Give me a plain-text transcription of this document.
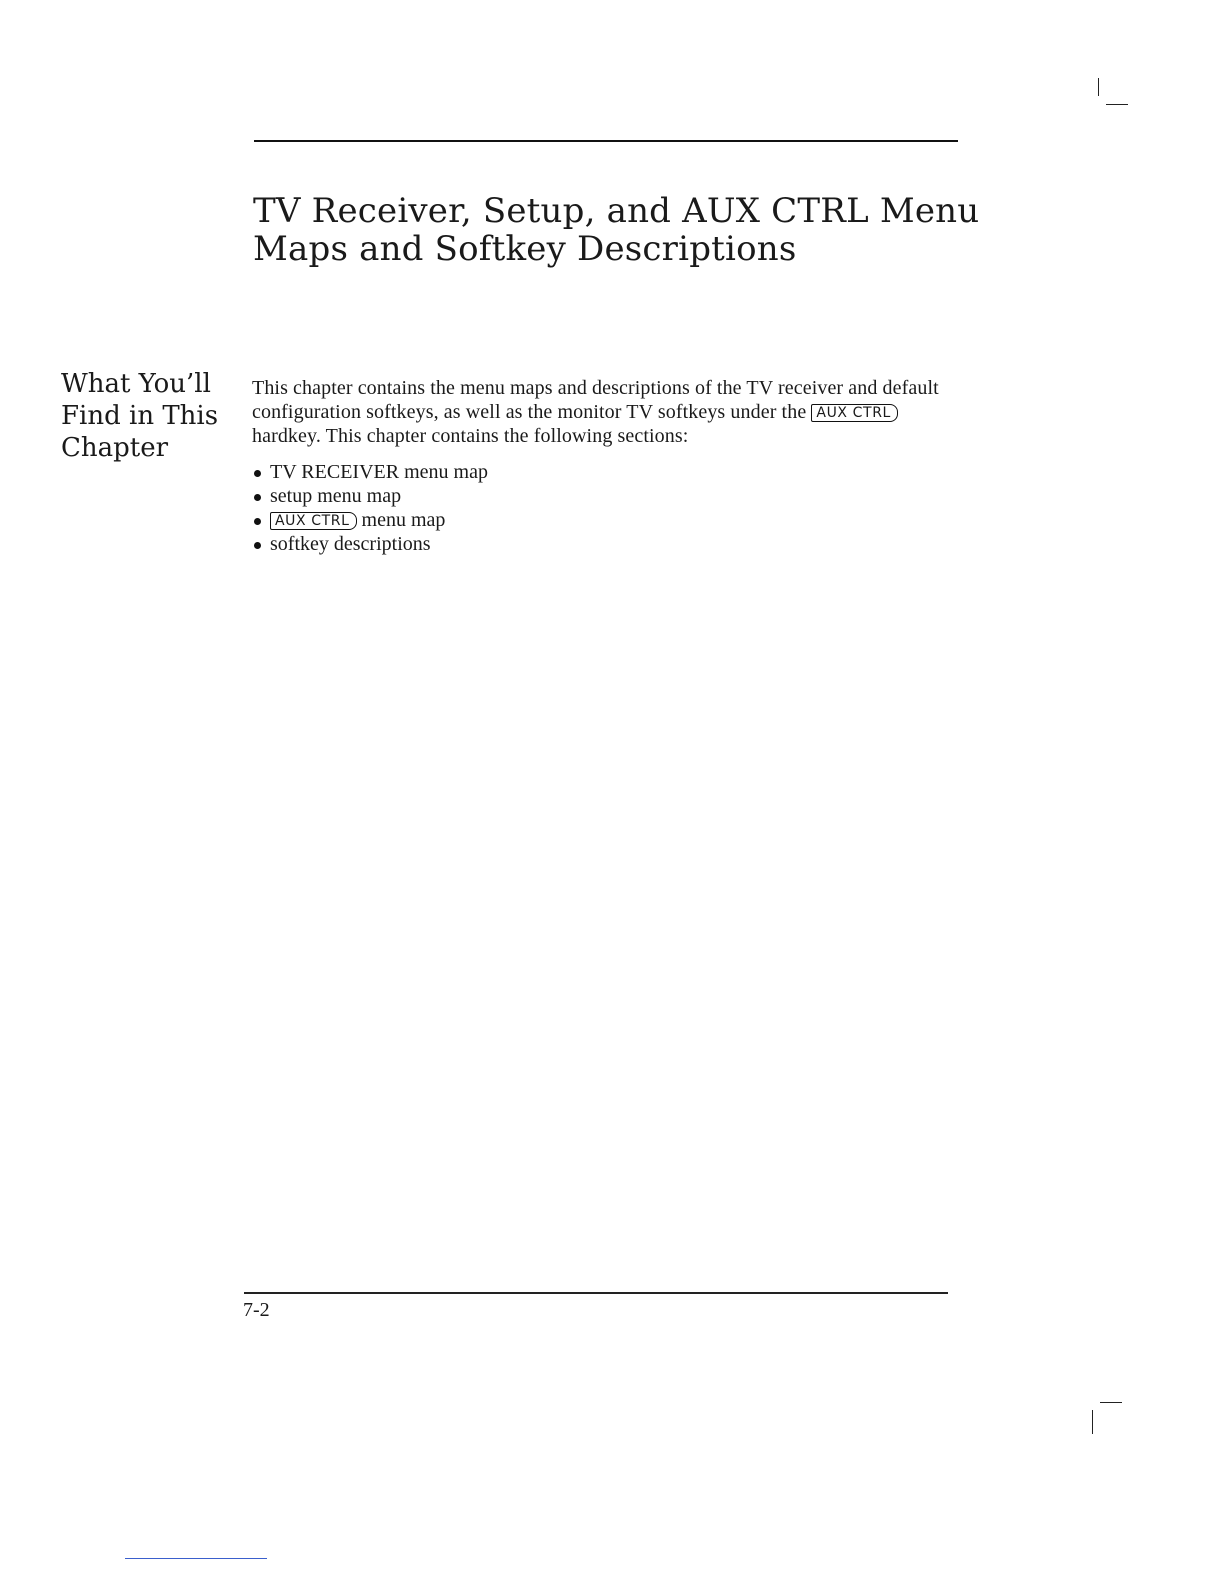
TV Receiver, Setup, and AUX CTRL Menu
Maps and Softkey Descriptions
What You’ll
Find in This
Chapter

This chapter contains the menu maps and descriptions of the TV receiver and default configuration softkeys, as well as the monitor TV softkeys under the AUX CTRL hardkey. This chapter contains the following sections:

TV RECEIVER menu map
setup menu map
AUX CTRL menu map
softkey descriptions

7-2
